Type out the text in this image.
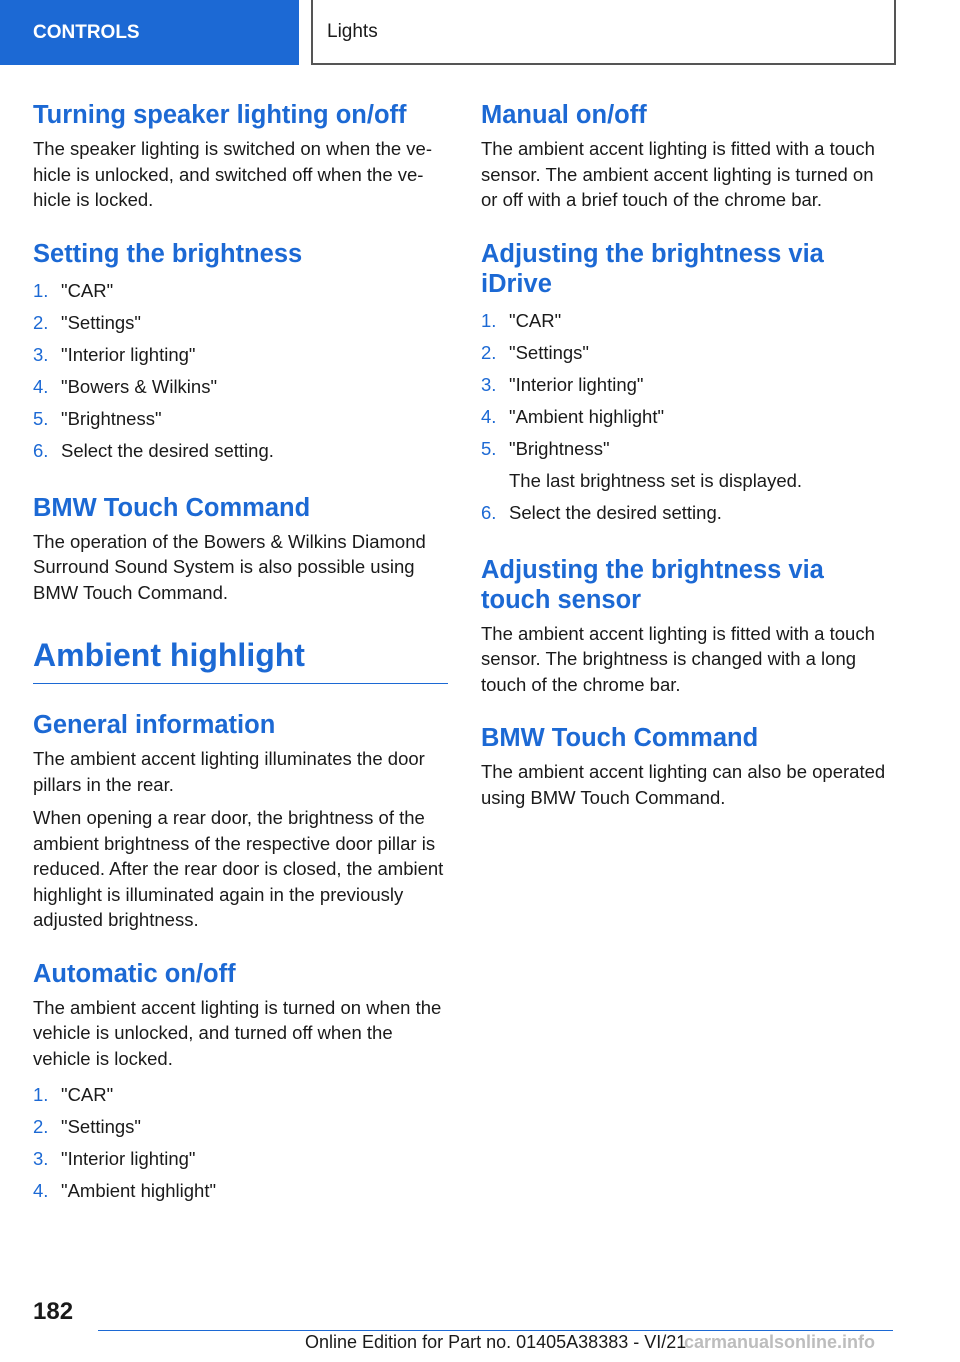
CONTROLS	Lights
Turning speaker lighting on/off

The speaker lighting is switched on when the vehicle is unlocked, and switched off when the vehicle is locked.

Setting the brightness
1. "CAR"
2. "Settings"
3. "Interior lighting"
4. "Bowers & Wilkins"
5. "Brightness"
6. Select the desired setting.
BMW Touch Command

The operation of the Bowers & Wilkins Diamond Surround Sound System is also possible using BMW Touch Command.

Ambient highlight
General information

The ambient accent lighting illuminates the door pillars in the rear.

When opening a rear door, the brightness of the ambient brightness of the respective door pillar is reduced. After the rear door is closed, the ambient highlight is illuminated again in the previously adjusted brightness.

Automatic on/off

The ambient accent lighting is turned on when the vehicle is unlocked, and turned off when the vehicle is locked.

1. "CAR"
2. "Settings"
3. "Interior lighting"
4. "Ambient highlight"
Manual on/off

The ambient accent lighting is fitted with a touch sensor. The ambient accent lighting is turned on or off with a brief touch of the chrome bar.

Adjusting the brightness via iDrive
1. "CAR"
2. "Settings"
3. "Interior lighting"
4. "Ambient highlight"
5. "Brightness"
The last brightness set is displayed.
6. Select the desired setting.
Adjusting the brightness via touch sensor

The ambient accent lighting is fitted with a touch sensor. The brightness is changed with a long touch of the chrome bar.

BMW Touch Command

The ambient accent lighting can also be operated using BMW Touch Command.

182
Online Edition for Part no. 01405A38383 - VI/21
carmanualsonline.info
